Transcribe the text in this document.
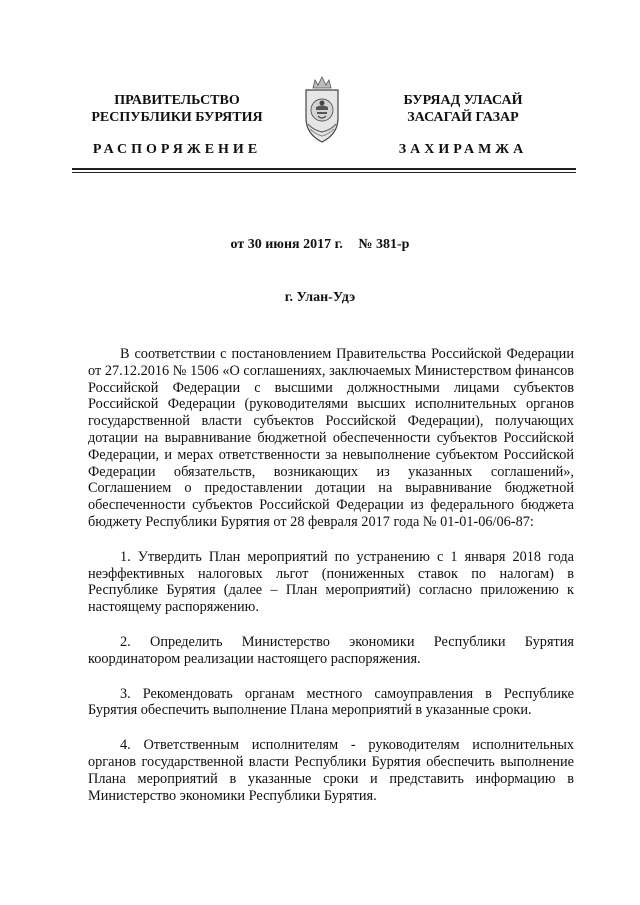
ПРАВИТЕЛЬСТВО
РЕСПУБЛИКИ БУРЯТИЯ
БУРЯАД УЛАСАЙ
ЗАСАГАЙ ГАЗАР
РАСПОРЯЖЕНИЕ	ЗАХИРАМЖА
от 30 июня 2017 г. № 381-р
г. Улан-Удэ

В соответствии с постановлением Правительства Российской Федерации от 27.12.2016 № 1506 «О соглашениях, заключаемых Министерством финансов Российской Федерации с высшими должностными лицами субъектов Российской Федерации (руководителями высших исполнительных органов государственной власти субъектов Российской Федерации), получающих дотации на выравнивание бюджетной обеспеченности субъектов Российской Федерации, и мерах ответственности за невыполнение субъектом Российской Федерации обязательств, возникающих из указанных соглашений», Соглашением о предоставлении дотации на выравнивание бюджетной обеспеченности субъектов Российской Федерации из федерального бюджета бюджету Республики Бурятия от 28 февраля 2017 года № 01-01-06/06-87:

1. Утвердить План мероприятий по устранению с 1 января 2018 года неэффективных налоговых льгот (пониженных ставок по налогам) в Республике Бурятия (далее – План мероприятий) согласно приложению к настоящему распоряжению.

2. Определить Министерство экономики Республики Бурятия координатором реализации настоящего распоряжения.

3. Рекомендовать органам местного самоуправления в Республике Бурятия обеспечить выполнение Плана мероприятий в указанные сроки.

4. Ответственным исполнителям - руководителям исполнительных органов государственной власти Республики Бурятия обеспечить выполнение Плана мероприятий в указанные сроки и представить информацию в Министерство экономики Республики Бурятия.
